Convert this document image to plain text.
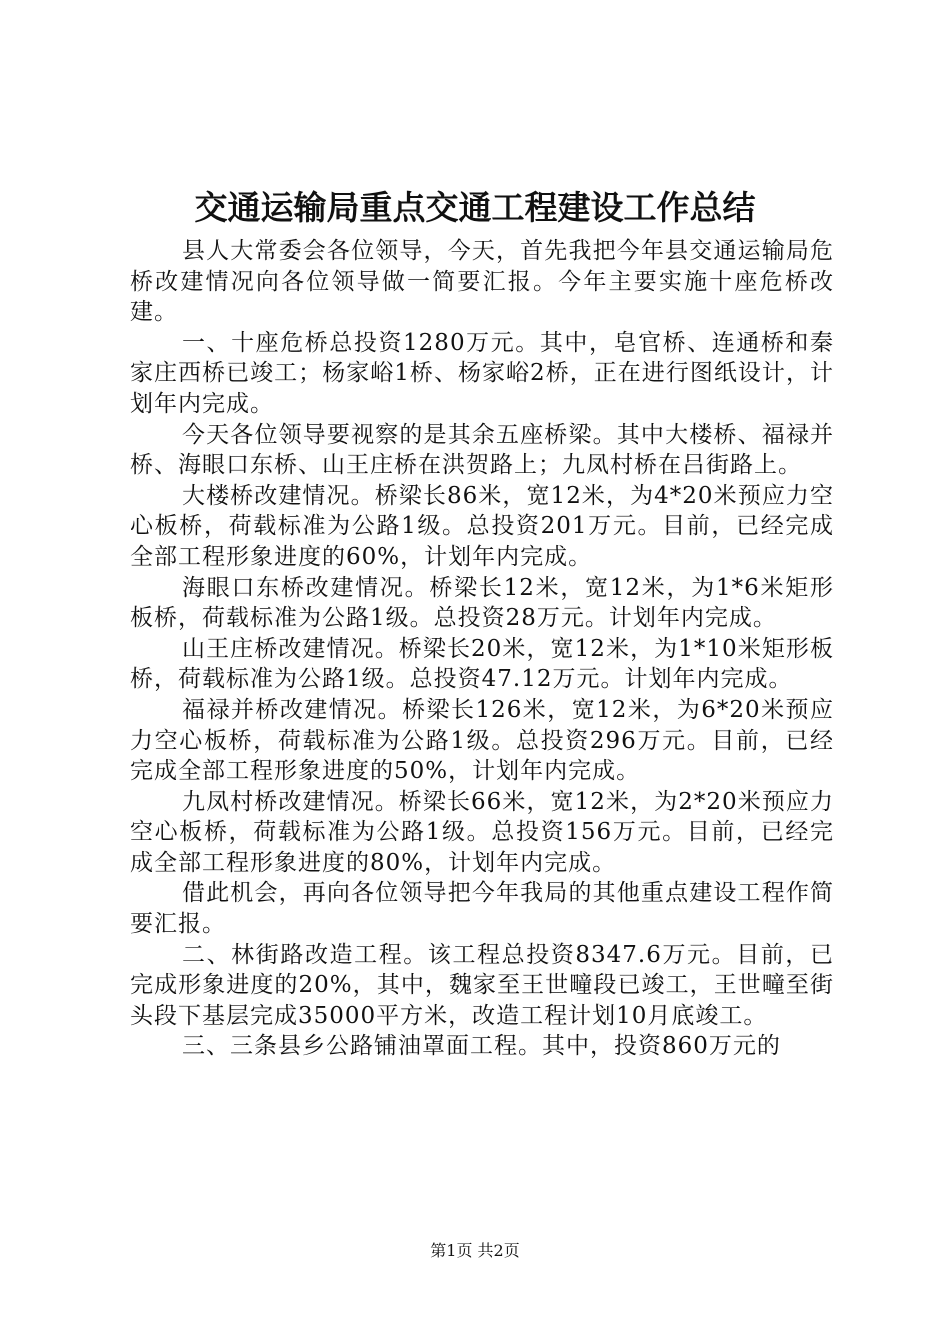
交通运输局重点交通工程建设工作总结

县人大常委会各位领导，今天，首先我把今年县交通运输局危桥改建情况向各位领导做一简要汇报。今年主要实施十座危桥改建。

一、十座危桥总投资1280万元。其中，皂官桥、连通桥和秦家庄西桥已竣工；杨家峪1桥、杨家峪2桥，正在进行图纸设计，计划年内完成。

今天各位领导要视察的是其余五座桥梁。其中大楼桥、福禄并桥、海眼口东桥、山王庄桥在洪贺路上；九凤村桥在吕街路上。

大楼桥改建情况。桥梁长86米，宽12米，为4*20米预应力空心板桥，荷载标准为公路1级。总投资201万元。目前，已经完成全部工程形象进度的60%，计划年内完成。

海眼口东桥改建情况。桥梁长12米，宽12米，为1*6米矩形板桥，荷载标准为公路1级。总投资28万元。计划年内完成。

山王庄桥改建情况。桥梁长20米，宽12米，为1*10米矩形板桥，荷载标准为公路1级。总投资47.12万元。计划年内完成。

福禄并桥改建情况。桥梁长126米，宽12米，为6*20米预应力空心板桥，荷载标准为公路1级。总投资296万元。目前，已经完成全部工程形象进度的50%，计划年内完成。

九凤村桥改建情况。桥梁长66米，宽12米，为2*20米预应力空心板桥，荷载标准为公路1级。总投资156万元。目前，已经完成全部工程形象进度的80%，计划年内完成。

借此机会，再向各位领导把今年我局的其他重点建设工程作简要汇报。

二、林街路改造工程。该工程总投资8347.6万元。目前，已完成形象进度的20%，其中，魏家至王世疃段已竣工，王世疃至街头段下基层完成35000平方米，改造工程计划10月底竣工。

三、三条县乡公路铺油罩面工程。其中，投资860万元的

第1页 共2页
